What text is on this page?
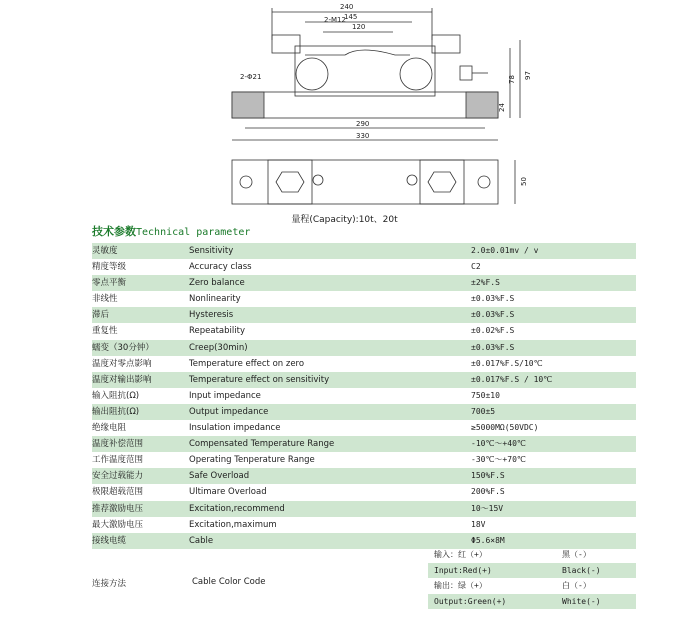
240
145
120
2-M12
2-Φ21
290
330
78 97
24
50
量程(Capacity):10t、20t
技术参数Technical parameter
灵敏度	Sensitivity	2.0±0.01mv / v
精度等级	Accuracy class	C2
零点平衡	Zero balance	±2%F.S
非线性	Nonlinearity	±0.03%F.S
滞后	Hysteresis	±0.03%F.S
重复性	Repeatability	±0.02%F.S
蠕变（30分钟）	Creep(30min)	±0.03%F.S
温度对零点影响	Temperature effect on zero	±0.017%F.S/10℃
温度对输出影响	Temperature effect on sensitivity	±0.017%F.S / 10℃
输入阻抗(Ω)	Input impedance	750±10
输出阻抗(Ω)	Output impedance	700±5
绝缘电阻	Insulation impedance	≥5000MΩ(50VDC)
温度补偿范围	Compensated Temperature Range	-10℃～+40℃
工作温度范围	Operating Tenperature Range	-30℃～+70℃
安全过载能力	Safe Overload	150%F.S
极限超载范围	Ultimare Overload	200%F.S
推荐激励电压	Excitation,recommend	10～15V
最大激励电压	Excitation,maximum	18V
接线电缆	Cable	Φ5.6×8M
连接方法	Cable Color Code
输入：红（+）	黑（-）
Input:Red(+)	Black(-)
输出：绿（+）	白（-）
Output:Green(+)	White(-)
